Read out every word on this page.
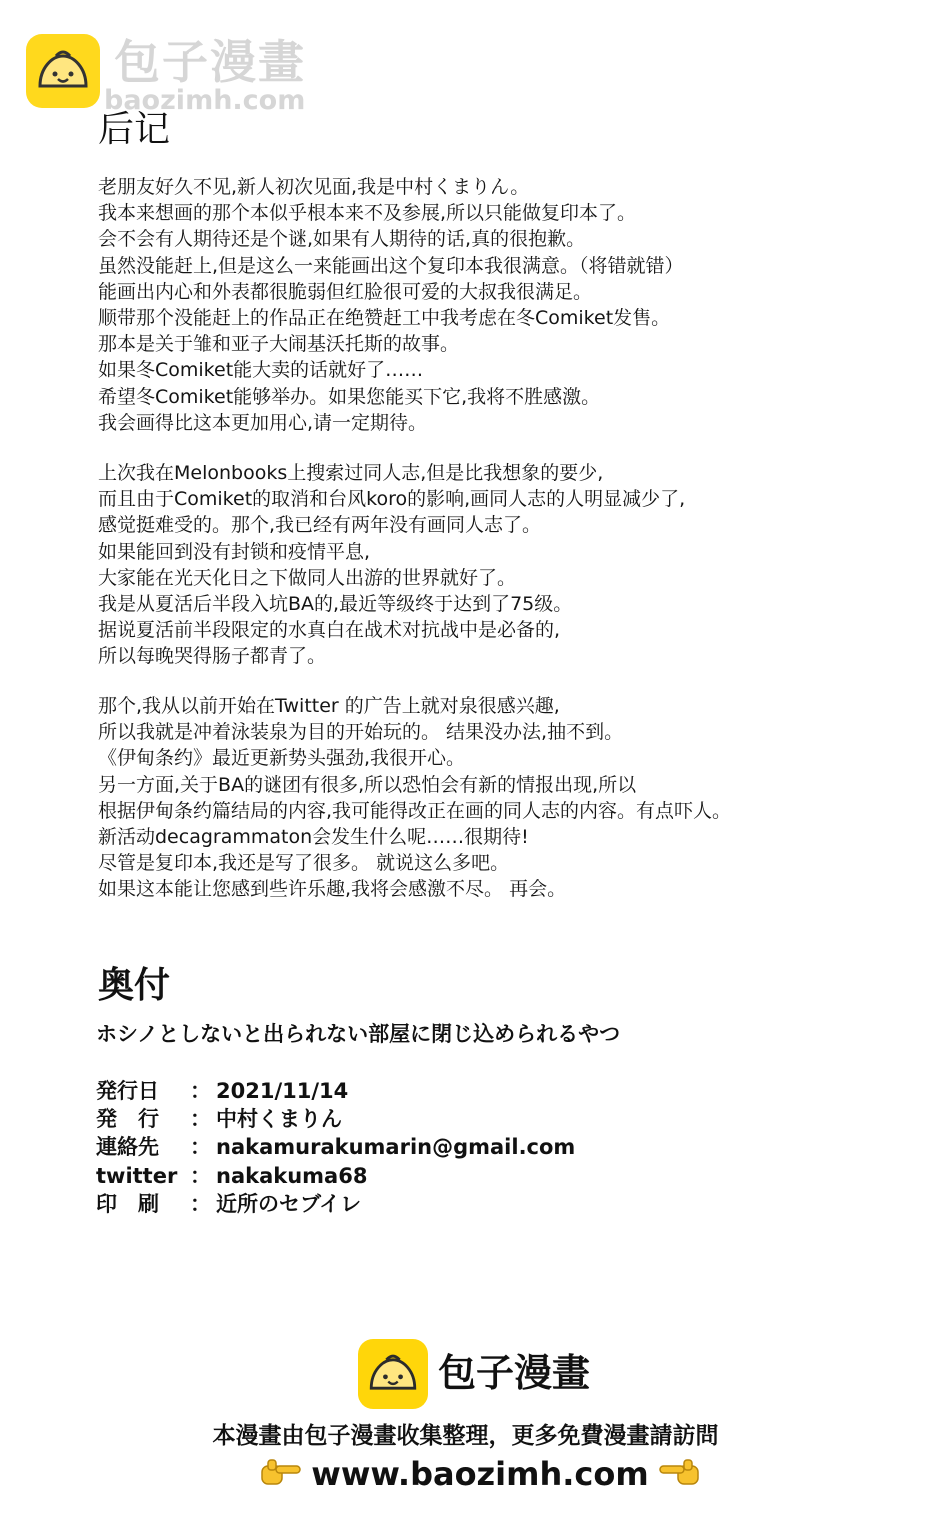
包子漫畫
baozimh.com
后记
老朋友好久不见,新人初次见面,我是中村くまりん。
我本来想画的那个本似乎根本来不及参展,所以只能做复印本了。
会不会有人期待还是个谜,如果有人期待的话,真的很抱歉。
虽然没能赶上,但是这么一来能画出这个复印本我很满意。（将错就错）
能画出内心和外表都很脆弱但红脸很可爱的大叔我很满足。
顺带那个没能赶上的作品正在绝赞赶工中我考虑在冬Comiket发售。
那本是关于雏和亚子大闹基沃托斯的故事。
如果冬Comiket能大卖的话就好了……
希望冬Comiket能够举办。如果您能买下它,我将不胜感激。
我会画得比这本更加用心,请一定期待。
上次我在Melonbooks上搜索过同人志,但是比我想象的要少,
而且由于Comiket的取消和台风koro的影响,画同人志的人明显减少了,
感觉挺难受的。那个,我已经有两年没有画同人志了。
如果能回到没有封锁和疫情平息,
大家能在光天化日之下做同人出游的世界就好了。
我是从夏活后半段入坑BA的,最近等级终于达到了75级。
据说夏活前半段限定的水真白在战术对抗战中是必备的,
所以每晚哭得肠子都青了。
那个,我从以前开始在Twitter 的广告上就对泉很感兴趣,
所以我就是冲着泳装泉为目的开始玩的。 结果没办法,抽不到。
《伊甸条约》最近更新势头强劲,我很开心。
另一方面,关于BA的谜团有很多,所以恐怕会有新的情报出现,所以
根据伊甸条约篇结局的内容,我可能得改正在画的同人志的内容。有点吓人。
新活动decagrammaton会发生什么呢……很期待!
尽管是复印本,我还是写了很多。 就说这么多吧。
如果这本能让您感到些许乐趣,我将会感激不尽。 再会。
奥付
ホシノとしないと出られない部屋に閉じ込められるやつ
発行日 ： 2021/11/14
発　行 ： 中村くまりん
連絡先 ： nakamurakumarin@gmail.com
twitter ： nakakuma68
印　刷 ： 近所のセブイレ
包子漫畫
本漫畫由包子漫畫收集整理，更多免費漫畫請訪問
www.baozimh.com
